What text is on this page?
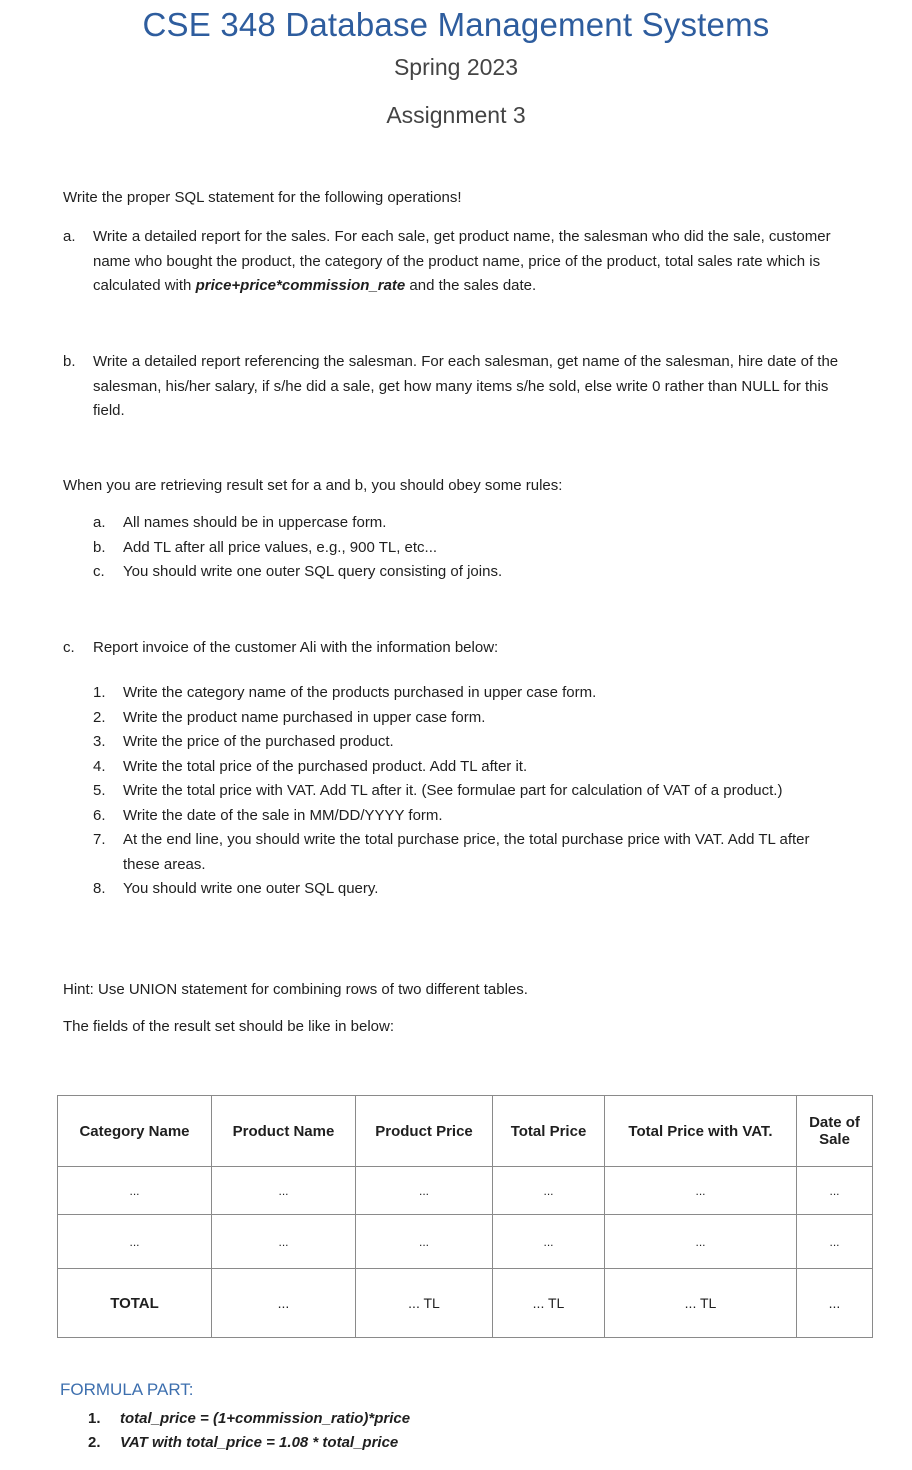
CSE 348 Database Management Systems
Spring 2023
Assignment 3
Write the proper SQL statement for the following operations!
a. Write a detailed report for the sales. For each sale, get product name, the salesman who did the sale, customer name who bought the product, the category of the product name, price of the product, total sales rate which is calculated with price+price*commission_rate and the sales date.
b. Write a detailed report referencing the salesman. For each salesman, get name of the salesman, hire date of the salesman, his/her salary, if s/he did a sale, get how many items s/he sold, else write 0 rather than NULL for this field.
When you are retrieving result set for a and b, you should obey some rules:
a. All names should be in uppercase form.
b. Add TL after all price values, e.g., 900 TL, etc...
c. You should write one outer SQL query consisting of joins.
c. Report invoice of the customer Ali with the information below:
1. Write the category name of the products purchased in upper case form.
2. Write the product name purchased in upper case form.
3. Write the price of the purchased product.
4. Write the total price of the purchased product. Add TL after it.
5. Write the total price with VAT. Add TL after it. (See formulae part for calculation of VAT of a product.)
6. Write the date of the sale in MM/DD/YYYY form.
7. At the end line, you should write the total purchase price, the total purchase price with VAT. Add TL after these areas.
8. You should write one outer SQL query.
Hint: Use UNION statement for combining rows of two different tables.
The fields of the result set should be like in below:
Category Name	Product Name	Product Price	Total Price	Total Price with VAT.	Date of Sale
...	...	...	...	...	...
...	...	...	...	...	...
TOTAL	...	... TL	... TL	... TL	...
FORMULA PART:
1. total_price = (1+commission_ratio)*price
2. VAT with total_price = 1.08 * total_price
